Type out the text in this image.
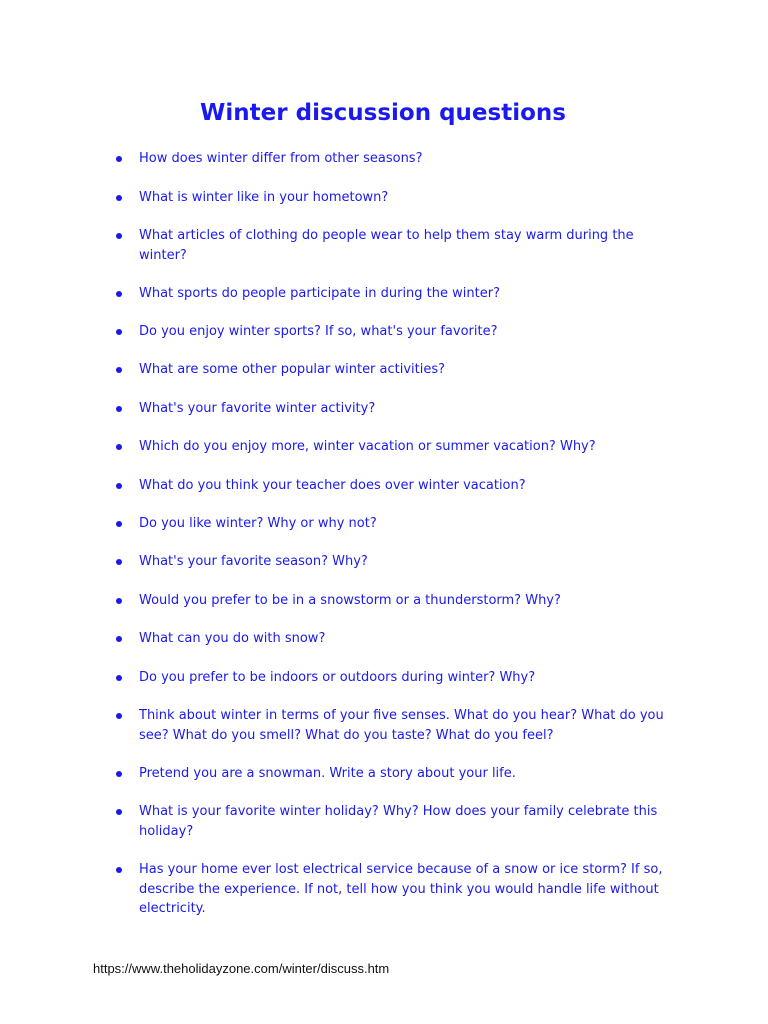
Winter discussion questions
How does winter differ from other seasons?
What is winter like in your hometown?
What articles of clothing do people wear to help them stay warm during the winter?
What sports do people participate in during the winter?
Do you enjoy winter sports? If so, what's your favorite?
What are some other popular winter activities?
What's your favorite winter activity?
Which do you enjoy more, winter vacation or summer vacation? Why?
What do you think your teacher does over winter vacation?
Do you like winter? Why or why not?
What's your favorite season? Why?
Would you prefer to be in a snowstorm or a thunderstorm? Why?
What can you do with snow?
Do you prefer to be indoors or outdoors during winter? Why?
Think about winter in terms of your five senses. What do you hear? What do you see? What do you smell? What do you taste? What do you feel?
Pretend you are a snowman. Write a story about your life.
What is your favorite winter holiday? Why? How does your family celebrate this holiday?
Has your home ever lost electrical service because of a snow or ice storm? If so, describe the experience. If not, tell how you think you would handle life without electricity.
https://www.theholidayzone.com/winter/discuss.htm
